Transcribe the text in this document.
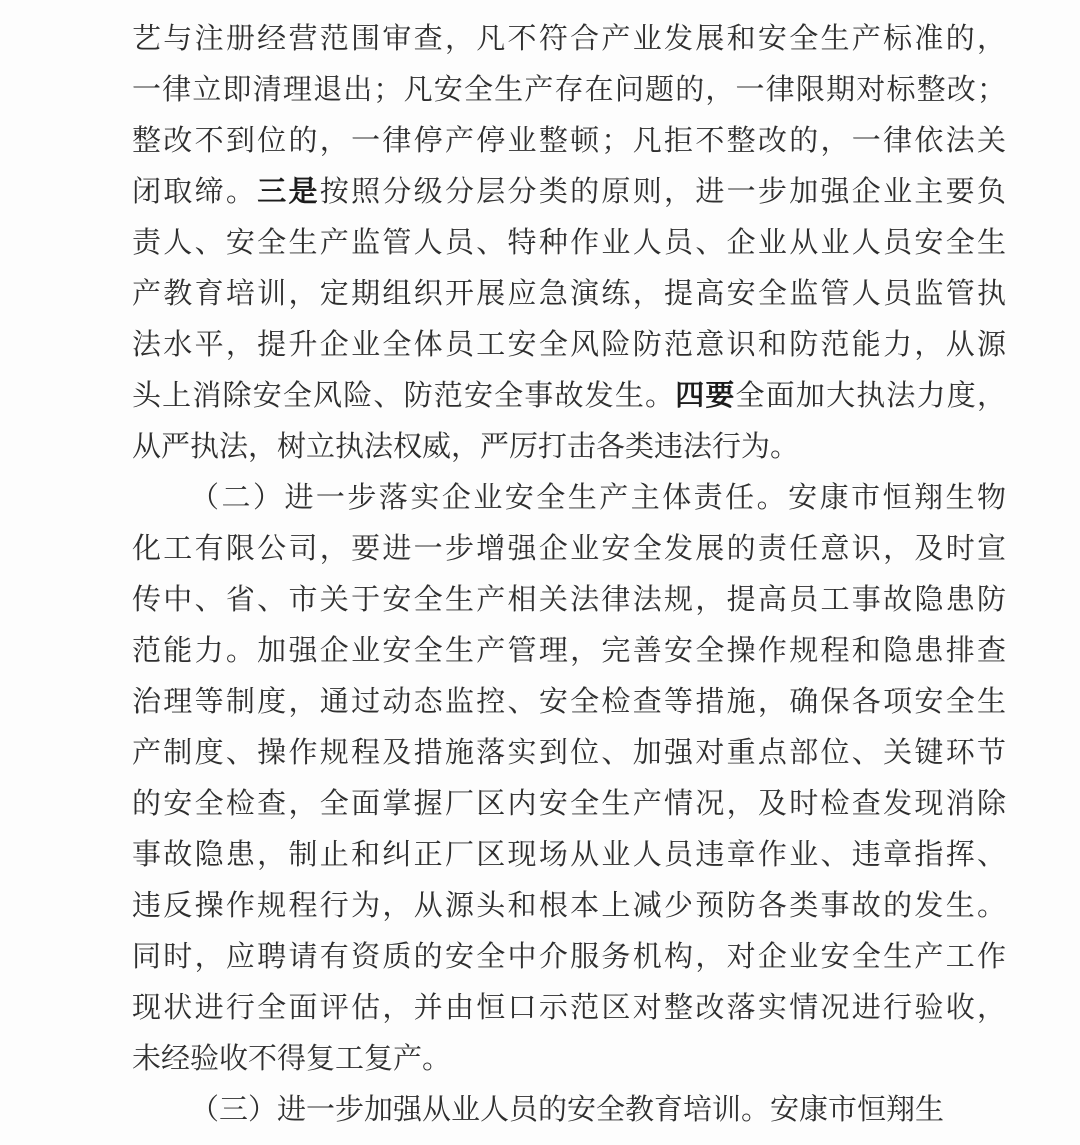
艺与注册经营范围审查，凡不符合产业发展和安全生产标准的，
一律立即清理退出；凡安全生产存在问题的，一律限期对标整改；
整改不到位的，一律停产停业整顿；凡拒不整改的，一律依法关
闭取缔。三是按照分级分层分类的原则，进一步加强企业主要负
责人、安全生产监管人员、特种作业人员、企业从业人员安全生
产教育培训，定期组织开展应急演练，提高安全监管人员监管执
法水平，提升企业全体员工安全风险防范意识和防范能力，从源
头上消除安全风险、防范安全事故发生。四要全面加大执法力度，
从严执法，树立执法权威，严厉打击各类违法行为。
（二）进一步落实企业安全生产主体责任。安康市恒翔生物
化工有限公司，要进一步增强企业安全发展的责任意识，及时宣
传中、省、市关于安全生产相关法律法规，提高员工事故隐患防
范能力。加强企业安全生产管理，完善安全操作规程和隐患排查
治理等制度，通过动态监控、安全检查等措施，确保各项安全生
产制度、操作规程及措施落实到位、加强对重点部位、关键环节
的安全检查，全面掌握厂区内安全生产情况，及时检查发现消除
事故隐患，制止和纠正厂区现场从业人员违章作业、违章指挥、
违反操作规程行为，从源头和根本上减少预防各类事故的发生。
同时，应聘请有资质的安全中介服务机构，对企业安全生产工作
现状进行全面评估，并由恒口示范区对整改落实情况进行验收，
未经验收不得复工复产。
（三）进一步加强从业人员的安全教育培训。安康市恒翔生
